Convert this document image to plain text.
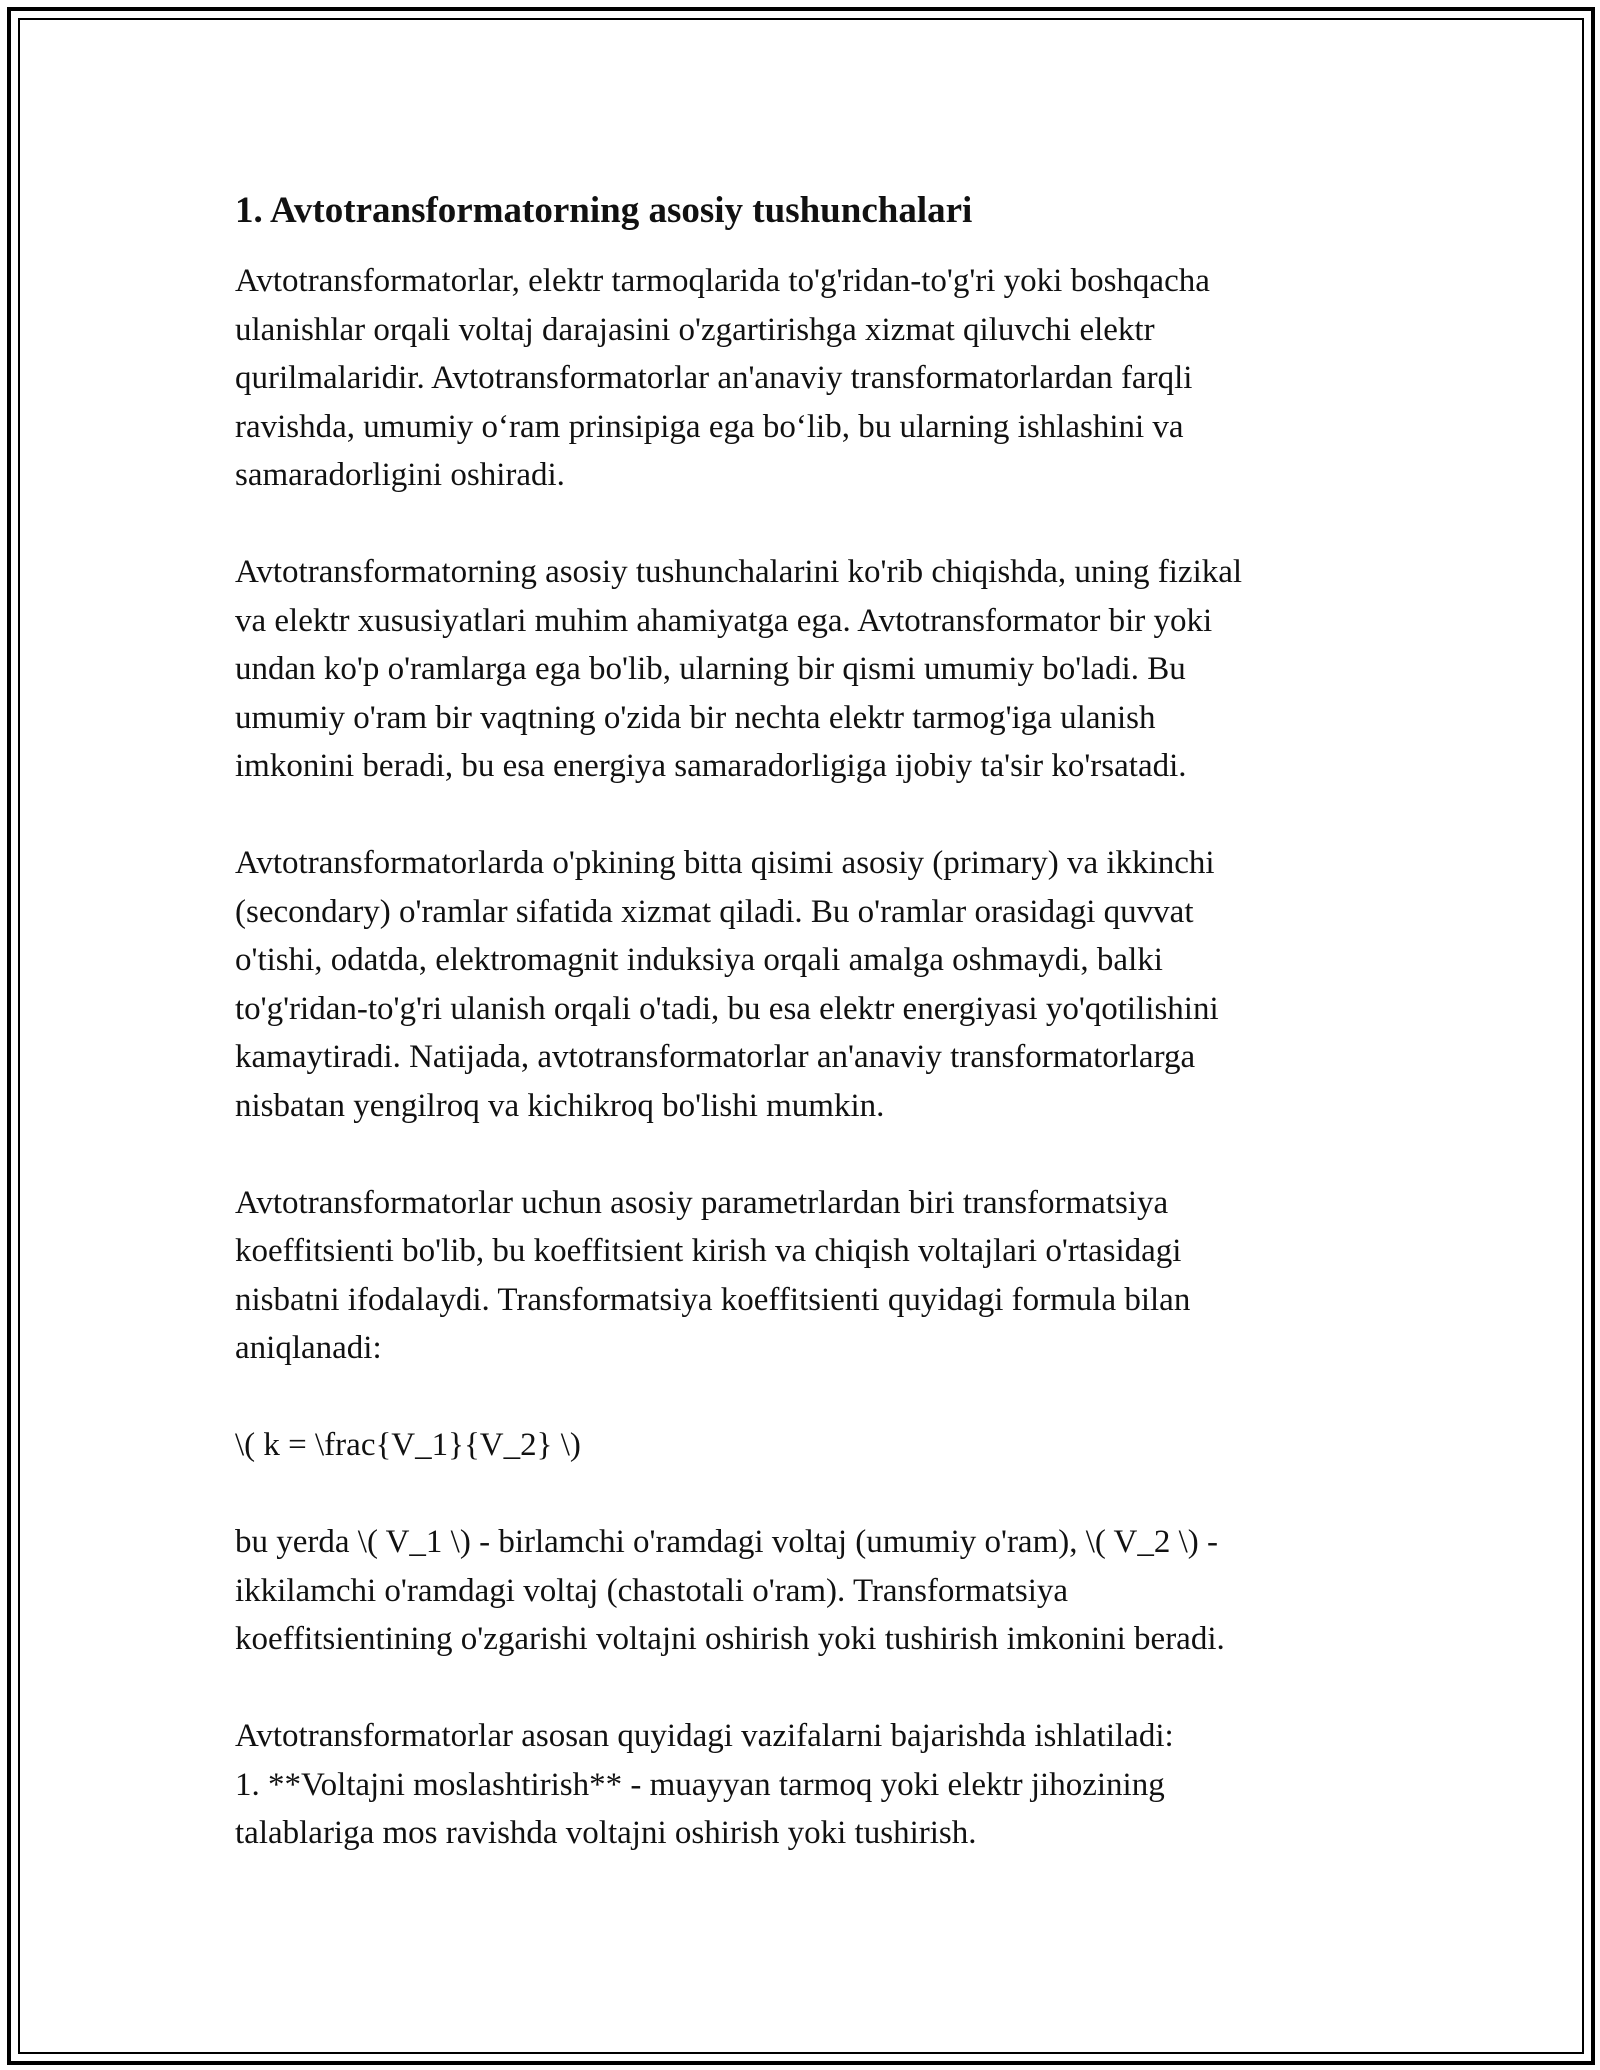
1. Avtotransformatorning asosiy tushunchalari

Avtotransformatorlar, elektr tarmoqlarida to'g'ridan-to'g'ri yoki boshqacha
ulanishlar orqali voltaj darajasini o'zgartirishga xizmat qiluvchi elektr
qurilmalaridir. Avtotransformatorlar an'anaviy transformatorlardan farqli
ravishda, umumiy o‘ram prinsipiga ega bo‘lib, bu ularning ishlashini va
samaradorligini oshiradi.

Avtotransformatorning asosiy tushunchalarini ko'rib chiqishda, uning fizikal
va elektr xususiyatlari muhim ahamiyatga ega. Avtotransformator bir yoki
undan ko'p o'ramlarga ega bo'lib, ularning bir qismi umumiy bo'ladi. Bu
umumiy o'ram bir vaqtning o'zida bir nechta elektr tarmog'iga ulanish
imkonini beradi, bu esa energiya samaradorligiga ijobiy ta'sir ko'rsatadi.

Avtotransformatorlarda o'pkining bitta qisimi asosiy (primary) va ikkinchi
(secondary) o'ramlar sifatida xizmat qiladi. Bu o'ramlar orasidagi quvvat
o'tishi, odatda, elektromagnit induksiya orqali amalga oshmaydi, balki
to'g'ridan-to'g'ri ulanish orqali o'tadi, bu esa elektr energiyasi yo'qotilishini
kamaytiradi. Natijada, avtotransformatorlar an'anaviy transformatorlarga
nisbatan yengilroq va kichikroq bo'lishi mumkin.

Avtotransformatorlar uchun asosiy parametrlardan biri transformatsiya
koeffitsienti bo'lib, bu koeffitsient kirish va chiqish voltajlari o'rtasidagi
nisbatni ifodalaydi. Transformatsiya koeffitsienti quyidagi formula bilan
aniqlanadi:

\( k = \frac{V_1}{V_2} \)

bu yerda \( V_1 \) - birlamchi o'ramdagi voltaj (umumiy o'ram), \( V_2 \) -
ikkilamchi o'ramdagi voltaj (chastotali o'ram). Transformatsiya
koeffitsientining o'zgarishi voltajni oshirish yoki tushirish imkonini beradi.

Avtotransformatorlar asosan quyidagi vazifalarni bajarishda ishlatiladi:
1. **Voltajni moslashtirish** - muayyan tarmoq yoki elektr jihozining
talablariga mos ravishda voltajni oshirish yoki tushirish.
